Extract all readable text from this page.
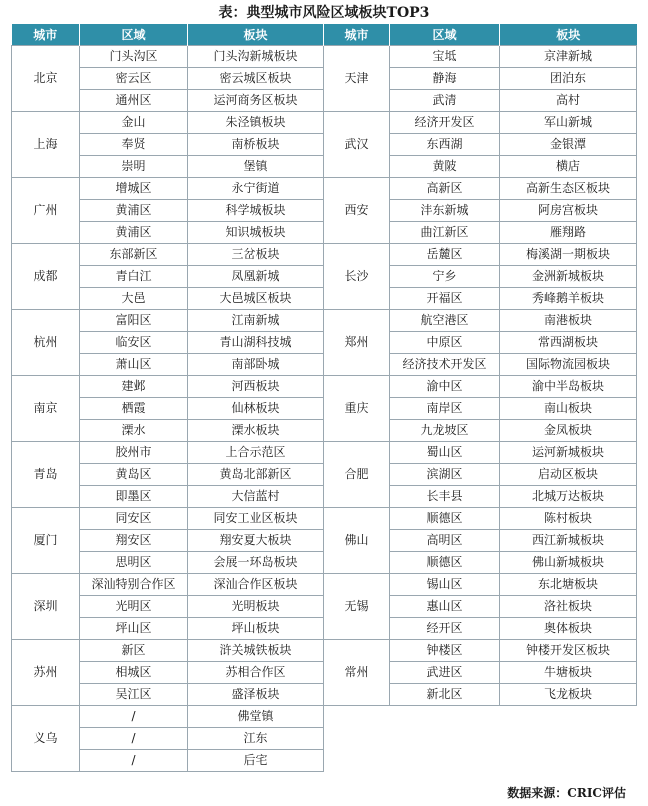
表：典型城市风险区域板块TOP3
城市	区域	板块	城市	区域	板块
北京	门头沟区	门头沟新城板块	天津	宝坻	京津新城
	密云区	密云城区板块		静海	团泊东
	通州区	运河商务区板块		武清	高村
上海	金山	朱泾镇板块	武汉	经济开发区	军山新城
	奉贤	南桥板块		东西湖	金银潭
	崇明	堡镇		黄陂	横店
广州	增城区	永宁街道	西安	高新区	高新生态区板块
	黄浦区	科学城板块		沣东新城	阿房宫板块
	黄浦区	知识城板块		曲江新区	雁翔路
成都	东部新区	三岔板块	长沙	岳麓区	梅溪湖一期板块
	青白江	凤凰新城		宁乡	金洲新城板块
	大邑	大邑城区板块		开福区	秀峰鹅羊板块
杭州	富阳区	江南新城	郑州	航空港区	南港板块
	临安区	青山湖科技城		中原区	常西湖板块
	萧山区	南部卧城		经济技术开发区	国际物流园板块
南京	建邺	河西板块	重庆	渝中区	渝中半岛板块
	栖霞	仙林板块		南岸区	南山板块
	溧水	溧水板块		九龙坡区	金凤板块
青岛	胶州市	上合示范区	合肥	蜀山区	运河新城板块
	黄岛区	黄岛北部新区		滨湖区	启动区板块
	即墨区	大信蓝村		长丰县	北城万达板块
厦门	同安区	同安工业区板块	佛山	顺德区	陈村板块
	翔安区	翔安夏大板块		高明区	西江新城板块
	思明区	会展一环岛板块		顺德区	佛山新城板块
深圳	深汕特别合作区	深汕合作区板块	无锡	锡山区	东北塘板块
	光明区	光明板块		惠山区	洛社板块
	坪山区	坪山板块		经开区	奥体板块
苏州	新区	浒关城铁板块	常州	钟楼区	钟楼开发区板块
	相城区	苏相合作区		武进区	牛塘板块
	吴江区	盛泽板块		新北区	飞龙板块
义乌	/	佛堂镇			
	/	江东			
	/	后宅			
数据来源：CRIC评估
